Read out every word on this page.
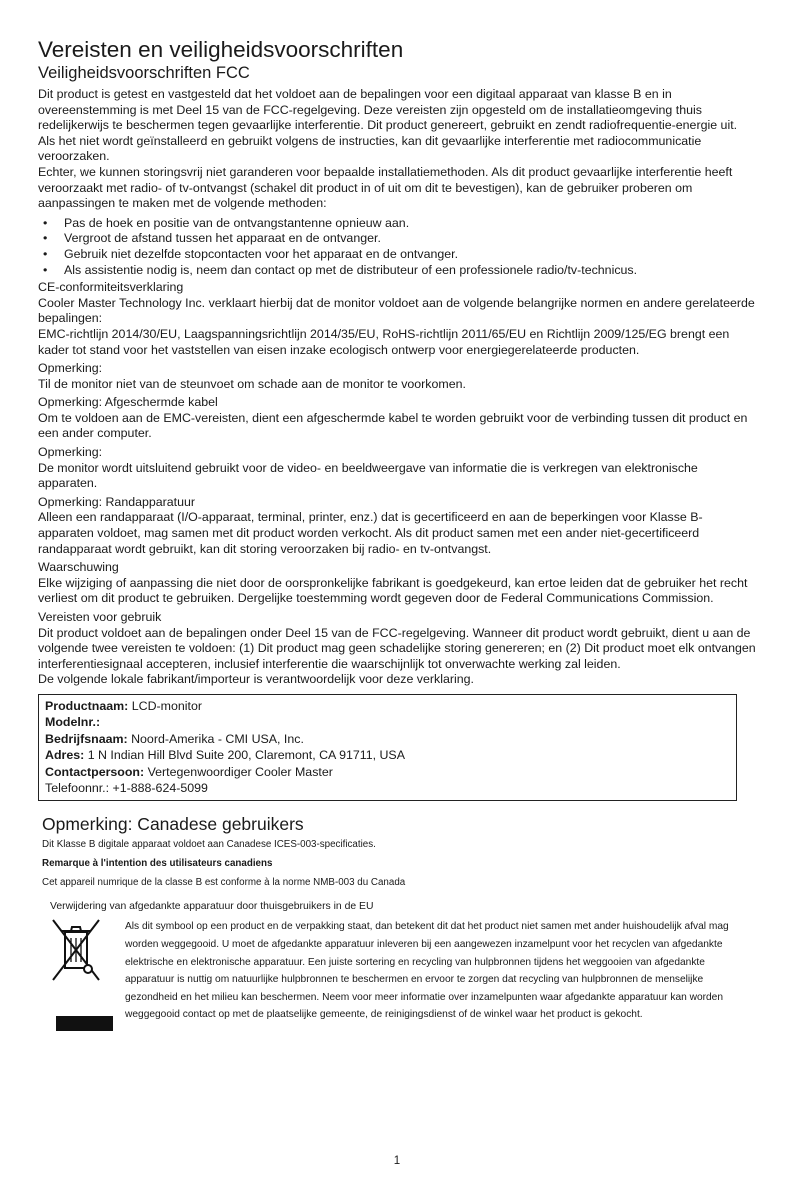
Vereisten en veiligheidsvoorschriften
Veiligheidsvoorschriften FCC

Dit product is getest en vastgesteld dat het voldoet aan de bepalingen voor een digitaal apparaat van klasse B en in overeenstemming is met Deel 15 van de FCC-regelgeving. Deze vereisten zijn opgesteld om de installatieomgeving thuis redelijkerwijs te beschermen tegen gevaarlijke interferentie. Dit product genereert, gebruikt en zendt radiofrequentie-energie uit. Als het niet wordt geïnstalleerd en gebruikt volgens de instructies, kan dit gevaarlijke interferentie met radiocommunicatie veroorzaken.

Echter, we kunnen storingsvrij niet garanderen voor bepaalde installatiemethoden. Als dit product gevaarlijke interferentie heeft veroorzaakt met radio- of tv-ontvangst (schakel dit product in of uit om dit te bevestigen), kan de gebruiker proberen om aanpassingen te maken met de volgende methoden:

• Pas de hoek en positie van de ontvangstantenne opnieuw aan.
• Vergroot de afstand tussen het apparaat en de ontvanger.
• Gebruik niet dezelfde stopcontacten voor het apparaat en de ontvanger.
• Als assistentie nodig is, neem dan contact op met de distributeur of een professionele radio/tv-technicus.

CE-conformiteitsverklaring

Cooler Master Technology Inc. verklaart hierbij dat de monitor voldoet aan de volgende belangrijke normen en andere gerelateerde bepalingen:

EMC-richtlijn 2014/30/EU, Laagspanningsrichtlijn 2014/35/EU, RoHS-richtlijn 2011/65/EU en Richtlijn 2009/125/EG brengt een kader tot stand voor het vaststellen van eisen inzake ecologisch ontwerp voor energiegerelateerde producten.

Opmerking:

Til de monitor niet van de steunvoet om schade aan de monitor te voorkomen.

Opmerking: Afgeschermde kabel

Om te voldoen aan de EMC-vereisten, dient een afgeschermde kabel te worden gebruikt voor de verbinding tussen dit product en een ander computer.

Opmerking:

De monitor wordt uitsluitend gebruikt voor de video- en beeldweergave van informatie die is verkregen van elektronische apparaten.

Opmerking: Randapparatuur

Alleen een randapparaat (I/O-apparaat, terminal, printer, enz.) dat is gecertificeerd en aan de beperkingen voor Klasse B-apparaten voldoet, mag samen met dit product worden verkocht. Als dit product samen met een ander niet-gecertificeerd randapparaat wordt gebruikt, kan dit storing veroorzaken bij radio- en tv-ontvangst.

Waarschuwing

Elke wijziging of aanpassing die niet door de oorspronkelijke fabrikant is goedgekeurd, kan ertoe leiden dat de gebruiker het recht verliest om dit product te gebruiken. Dergelijke toestemming wordt gegeven door de Federal Communications Commission.

Vereisten voor gebruik

Dit product voldoet aan de bepalingen onder Deel 15 van de FCC-regelgeving. Wanneer dit product wordt gebruikt, dient u aan de volgende twee vereisten te voldoen: (1) Dit product mag geen schadelijke storing genereren; en (2) Dit product moet elk ontvangen interferentiesignaal accepteren, inclusief interferentie die waarschijnlijk tot onverwachte werking zal leiden.

De volgende lokale fabrikant/importeur is verantwoordelijk voor deze verklaring.

Productnaam: LCD-monitor
Modelnr.:
Bedrijfsnaam: Noord-Amerika - CMI USA, Inc.
Adres: 1 N Indian Hill Blvd Suite 200, Claremont, CA 91711, USA
Contactpersoon: Vertegenwoordiger Cooler Master
Telefoonnr.: +1-888-624-5099
Opmerking: Canadese gebruikers

Dit Klasse B digitale apparaat voldoet aan Canadese ICES-003-specificaties.

Remarque à l'intention des utilisateurs canadiens

Cet appareil numrique de la classe B est conforme à la norme NMB-003 du Canada

Verwijdering van afgedankte apparatuur door thuisgebruikers in de EU

Als dit symbool op een product en de verpakking staat, dan betekent dit dat het product niet samen met ander huishoudelijk afval mag worden weggegooid. U moet de afgedankte apparatuur inleveren bij een aangewezen inzamelpunt voor het recyclen van afgedankte elektrische en elektronische apparatuur. Een juiste sortering en recycling van hulpbronnen tijdens het weggooien van afgedankte apparatuur is nuttig om natuurlijke hulpbronnen te beschermen en ervoor te zorgen dat recycling van hulpbronnen de menselijke gezondheid en het milieu kan beschermen. Neem voor meer informatie over inzamelpunten waar afgedankte apparatuur kan worden weggegooid contact op met de plaatselijke gemeente, de reinigingsdienst of de winkel waar het product is gekocht.
1
